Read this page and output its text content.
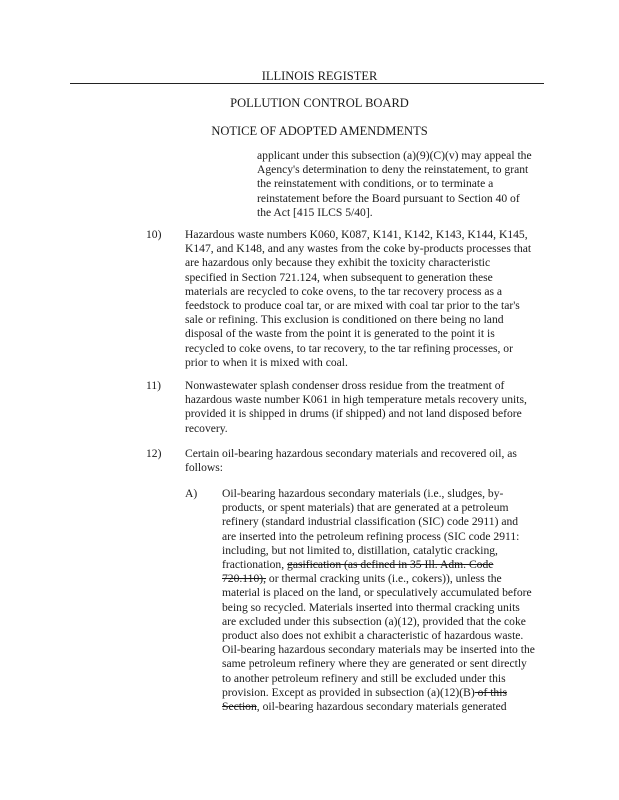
ILLINOIS REGISTER
POLLUTION CONTROL BOARD
NOTICE OF ADOPTED AMENDMENTS
applicant under this subsection (a)(9)(C)(v) may appeal the
Agency's determination to deny the reinstatement, to grant
the reinstatement with conditions, or to terminate a
reinstatement before the Board pursuant to Section 40 of
the Act [415 ILCS 5/40].
10) Hazardous waste numbers K060, K087, K141, K142, K143, K144, K145,
K147, and K148, and any wastes from the coke by-products processes that
are hazardous only because they exhibit the toxicity characteristic
specified in Section 721.124, when subsequent to generation these
materials are recycled to coke ovens, to the tar recovery process as a
feedstock to produce coal tar, or are mixed with coal tar prior to the tar's
sale or refining. This exclusion is conditioned on there being no land
disposal of the waste from the point it is generated to the point it is
recycled to coke ovens, to tar recovery, to the tar refining processes, or
prior to when it is mixed with coal.
11) Nonwastewater splash condenser dross residue from the treatment of
hazardous waste number K061 in high temperature metals recovery units,
provided it is shipped in drums (if shipped) and not land disposed before
recovery.
12) Certain oil-bearing hazardous secondary materials and recovered oil, as
follows:
A) Oil-bearing hazardous secondary materials (i.e., sludges, by-
products, or spent materials) that are generated at a petroleum
refinery (standard industrial classification (SIC) code 2911) and
are inserted into the petroleum refining process (SIC code 2911:
including, but not limited to, distillation, catalytic cracking,
fractionation, gasification (as defined in 35 Ill. Adm. Code
720.110), or thermal cracking units (i.e., cokers)), unless the
material is placed on the land, or speculatively accumulated before
being so recycled. Materials inserted into thermal cracking units
are excluded under this subsection (a)(12), provided that the coke
product also does not exhibit a characteristic of hazardous waste.
Oil-bearing hazardous secondary materials may be inserted into the
same petroleum refinery where they are generated or sent directly
to another petroleum refinery and still be excluded under this
provision. Except as provided in subsection (a)(12)(B) of this
Section, oil-bearing hazardous secondary materials generated
